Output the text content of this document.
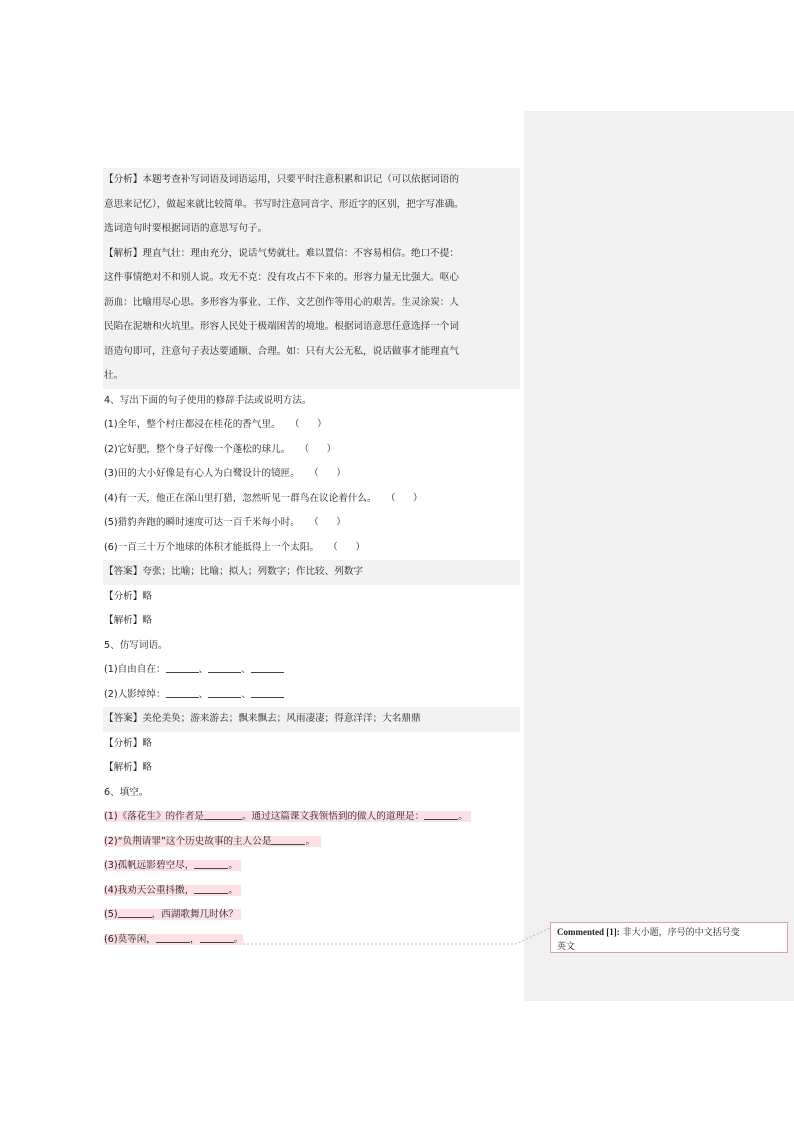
【分析】本题考查补写词语及词语运用，只要平时注意积累和识记（可以依据词语的
意思来记忆），做起来就比较简单。书写时注意同音字、形近字的区别，把字写准确。
选词造句时要根据词语的意思写句子。
【解析】理直气壮：理由充分，说话气势就壮。难以置信：不容易相信。绝口不提：
这件事情绝对不和别人说。攻无不克：没有攻占不下来的。形容力量无比强大。呕心
沥血：比喻用尽心思。多形容为事业、工作、文艺创作等用心的艰苦。生灵涂炭：人
民陷在泥塘和火坑里。形容人民处于极端困苦的境地。根据词语意思任意选择一个词
语造句即可，注意句子表达要通顺、合理。如：只有大公无私，说话做事才能理直气
壮。
4、写出下面的句子使用的修辞手法或说明方法。
(1)全年，整个村庄都浸在桂花的香气里。 （　）
(2)它好肥，整个身子好像一个蓬松的球儿。 （　）
(3)田的大小好像是有心人为白鹭设计的镜匣。 （　）
(4)有一天，他正在深山里打猎，忽然听见一群鸟在议论着什么。 （　）
(5)猎豹奔跑的瞬时速度可达一百千米每小时。 （　）
(6)一百三十万个地球的体积才能抵得上一个太阳。 （　）
【答案】夸张；比喻；比喻；拟人；列数字；作比较、列数字
【分析】略
【解析】略
5、仿写词语。
(1)自由自在：	、	、
(2)人影绰绰：	、	、
【答案】美伦美奂；游来游去；飘来飘去；风雨凄凄；得意洋洋；大名鼎鼎
【分析】略
【解析】略
6、填空。
(1)《落花生》的作者是	。通过这篇课文我领悟到的做人的道理是：	。
(2)“负荆请罪”这个历史故事的主人公是	。
(3)孤帆远影碧空尽，	。
(4)我劝天公重抖擞，	。
(5)	，西湖歌舞几时休？
(6)莫等闲，	，	。
Commented [1]: 非大小题，序号的中文括号变
英文
